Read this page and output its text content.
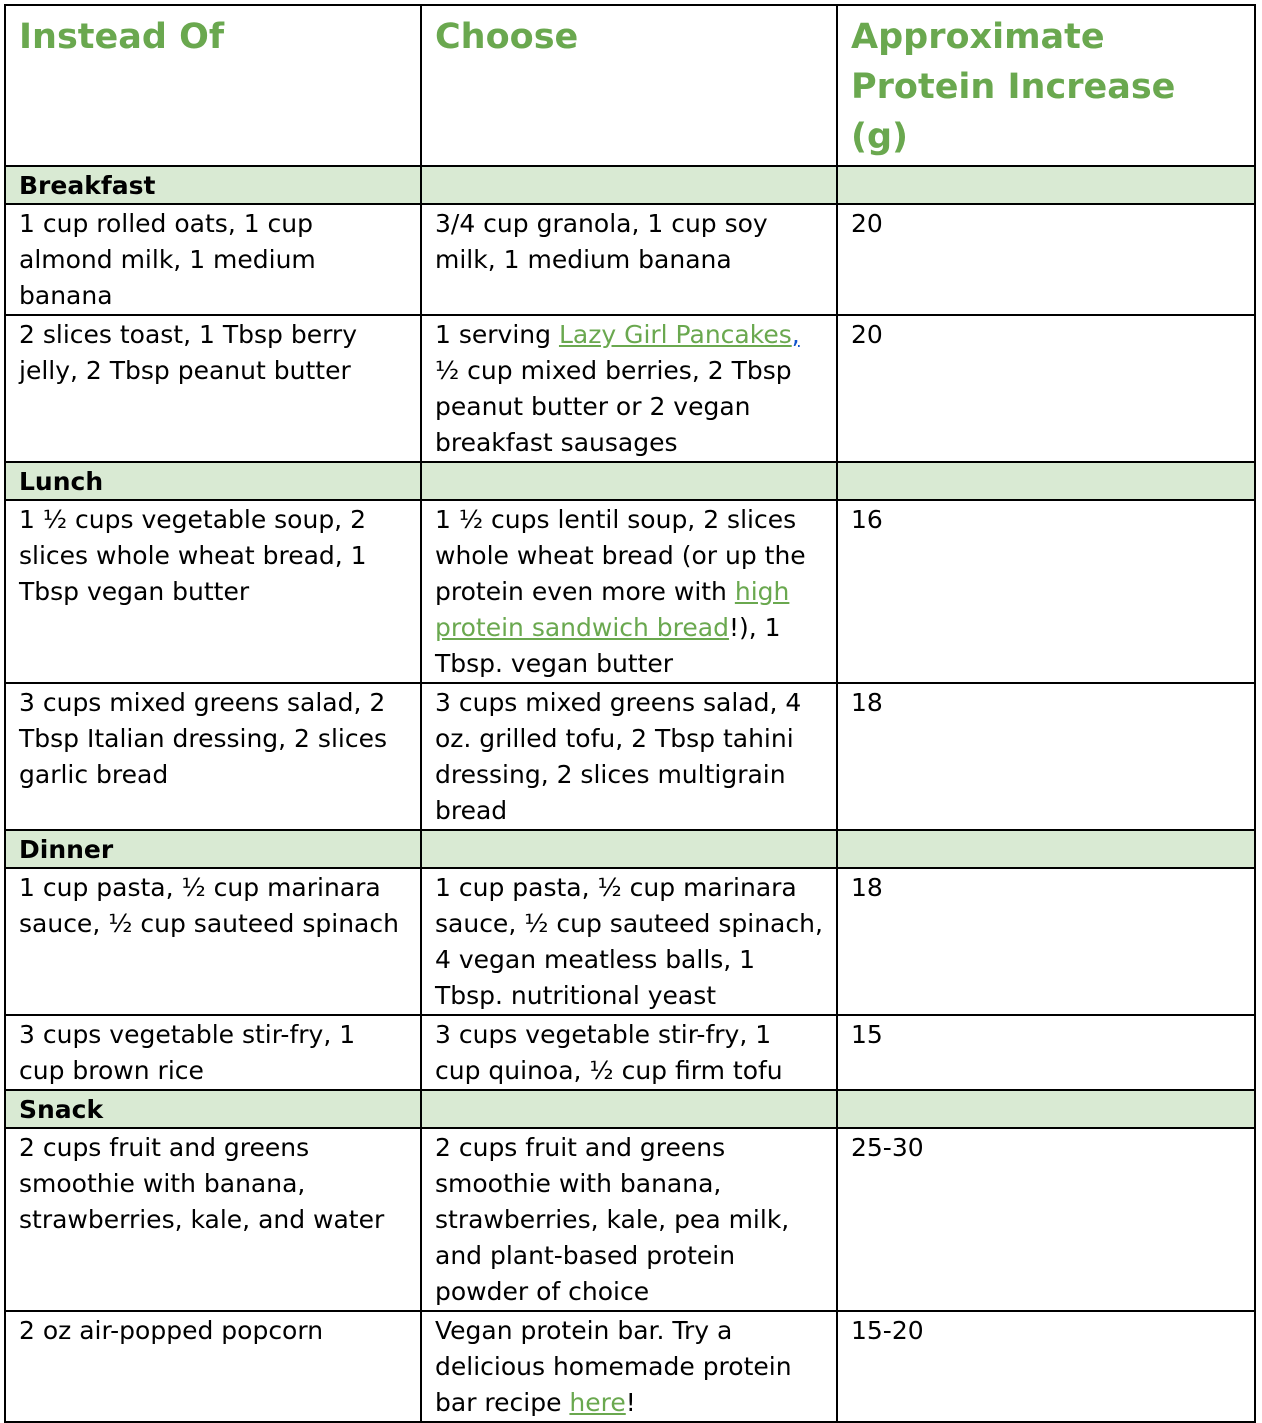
Instead Of	Choose	Approximate Protein Increase (g)
Breakfast		
1 cup rolled oats, 1 cup almond milk, 1 medium banana	3/4 cup granola, 1 cup soy milk, 1 medium banana	20
2 slices toast, 1 Tbsp berry jelly, 2 Tbsp peanut butter	1 serving Lazy Girl Pancakes, ½ cup mixed berries, 2 Tbsp peanut butter or 2 vegan breakfast sausages	20
Lunch		
1 ½ cups vegetable soup, 2 slices whole wheat bread, 1 Tbsp vegan butter	1 ½ cups lentil soup, 2 slices whole wheat bread (or up the protein even more with high protein sandwich bread!), 1 Tbsp. vegan butter	16
3 cups mixed greens salad, 2 Tbsp Italian dressing, 2 slices garlic bread	3 cups mixed greens salad, 4 oz. grilled tofu, 2 Tbsp tahini dressing, 2 slices multigrain bread	18
Dinner		
1 cup pasta, ½ cup marinara sauce, ½ cup sauteed spinach	1 cup pasta, ½ cup marinara sauce, ½ cup sauteed spinach, 4 vegan meatless balls, 1 Tbsp. nutritional yeast	18
3 cups vegetable stir-fry, 1 cup brown rice	3 cups vegetable stir-fry, 1 cup quinoa, ½ cup firm tofu	15
Snack		
2 cups fruit and greens smoothie with banana, strawberries, kale, and water	2 cups fruit and greens smoothie with banana, strawberries, kale, pea milk, and plant-based protein powder of choice	25-30
2 oz air-popped popcorn	Vegan protein bar. Try a delicious homemade protein bar recipe here!	15-20
